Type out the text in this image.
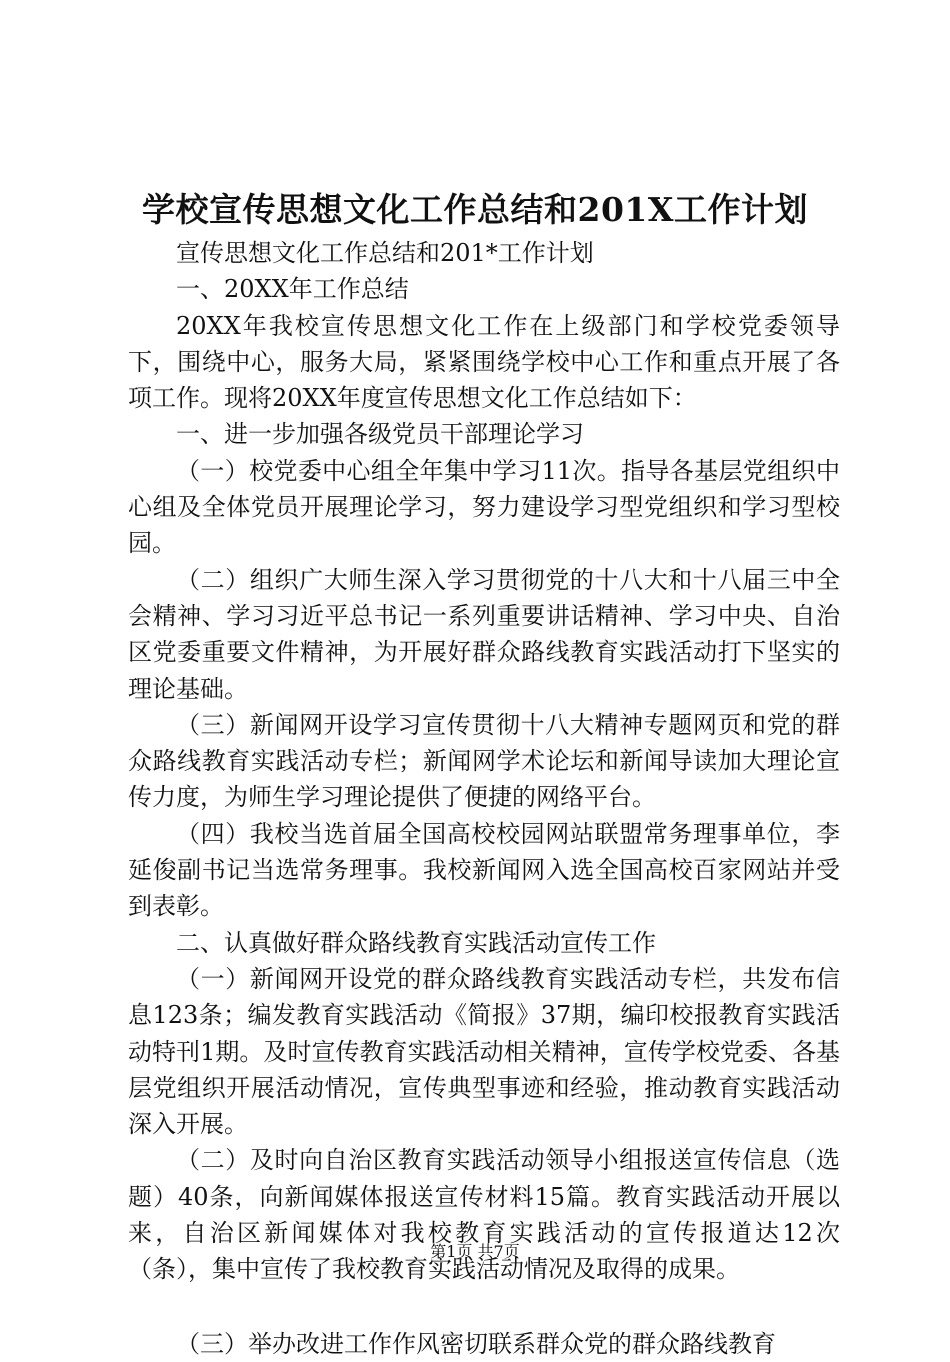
学校宣传思想文化工作总结和201X工作计划

宣传思想文化工作总结和201*工作计划

一、20XX年工作总结

20XX年我校宣传思想文化工作在上级部门和学校党委领导下，围绕中心，服务大局，紧紧围绕学校中心工作和重点开展了各项工作。现将20XX年度宣传思想文化工作总结如下：

一、进一步加强各级党员干部理论学习

（一）校党委中心组全年集中学习11次。指导各基层党组织中心组及全体党员开展理论学习，努力建设学习型党组织和学习型校园。

（二）组织广大师生深入学习贯彻党的十八大和十八届三中全会精神、学习习近平总书记一系列重要讲话精神、学习中央、自治区党委重要文件精神，为开展好群众路线教育实践活动打下坚实的理论基础。

（三）新闻网开设学习宣传贯彻十八大精神专题网页和党的群众路线教育实践活动专栏；新闻网学术论坛和新闻导读加大理论宣传力度，为师生学习理论提供了便捷的网络平台。

（四）我校当选首届全国高校校园网站联盟常务理事单位，李延俊副书记当选常务理事。我校新闻网入选全国高校百家网站并受到表彰。

二、认真做好群众路线教育实践活动宣传工作

（一）新闻网开设党的群众路线教育实践活动专栏，共发布信息123条；编发教育实践活动《简报》37期，编印校报教育实践活动特刊1期。及时宣传教育实践活动相关精神，宣传学校党委、各基层党组织开展活动情况，宣传典型事迹和经验，推动教育实践活动深入开展。

（二）及时向自治区教育实践活动领导小组报送宣传信息（选题）40条，向新闻媒体报送宣传材料15篇。教育实践活动开展以来，自治区新闻媒体对我校教育实践活动的宣传报道达12次（条），集中宣传了我校教育实践活动情况及取得的成果。

（三）举办改进工作作风密切联系群众党的群众路线教育

第1页 共7页
